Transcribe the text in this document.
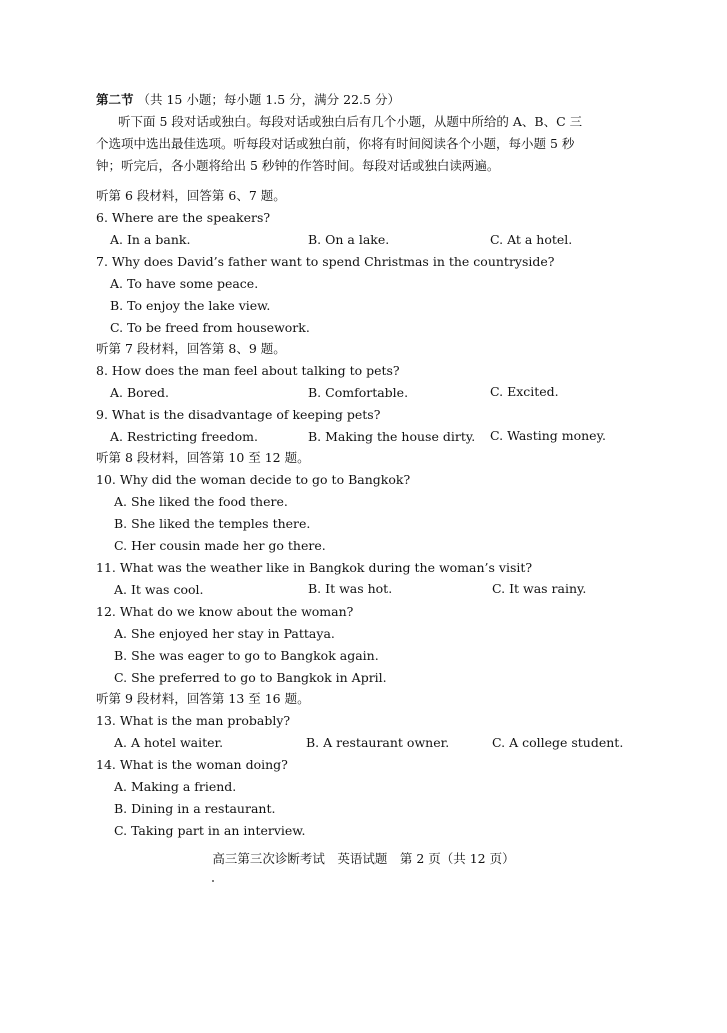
第二节 （共 15 小题；每小题 1.5 分，满分 22.5 分）
听下面 5 段对话或独白。每段对话或独白后有几个小题，从题中所给的 A、B、C 三
个选项中选出最佳选项。听每段对话或独白前，你将有时间阅读各个小题，每小题 5 秒
钟；听完后，各小题将给出 5 秒钟的作答时间。每段对话或独白读两遍。
听第 6 段材料，回答第 6、7 题。
6. Where are the speakers?
A. In a bank.	B. On a lake.	C. At a hotel.
7. Why does David’s father want to spend Christmas in the countryside?
A. To have some peace.
B. To enjoy the lake view.
C. To be freed from housework.
听第 7 段材料，回答第 8、9 题。
8. How does the man feel about talking to pets?
A. Bored.	B. Comfortable.	C. Excited.
9. What is the disadvantage of keeping pets?
A. Restricting freedom.	B. Making the house dirty. C. Wasting money.
听第 8 段材料，回答第 10 至 12 题。
10. Why did the woman decide to go to Bangkok?
A. She liked the food there.
B. She liked the temples there.
C. Her cousin made her go there.
11. What was the weather like in Bangkok during the woman’s visit?
A. It was cool.	B. It was hot.	C. It was rainy.
12. What do we know about the woman?
A. She enjoyed her stay in Pattaya.
B. She was eager to go to Bangkok again.
C. She preferred to go to Bangkok in April.
听第 9 段材料，回答第 13 至 16 题。
13. What is the man probably?
A. A hotel waiter.	B. A restaurant owner.	C. A college student.
14. What is the woman doing?
A. Making a friend.
B. Dining in a restaurant.
C. Taking part in an interview.
高三第三次诊断考试　英语试题　第 2 页（共 12 页）
